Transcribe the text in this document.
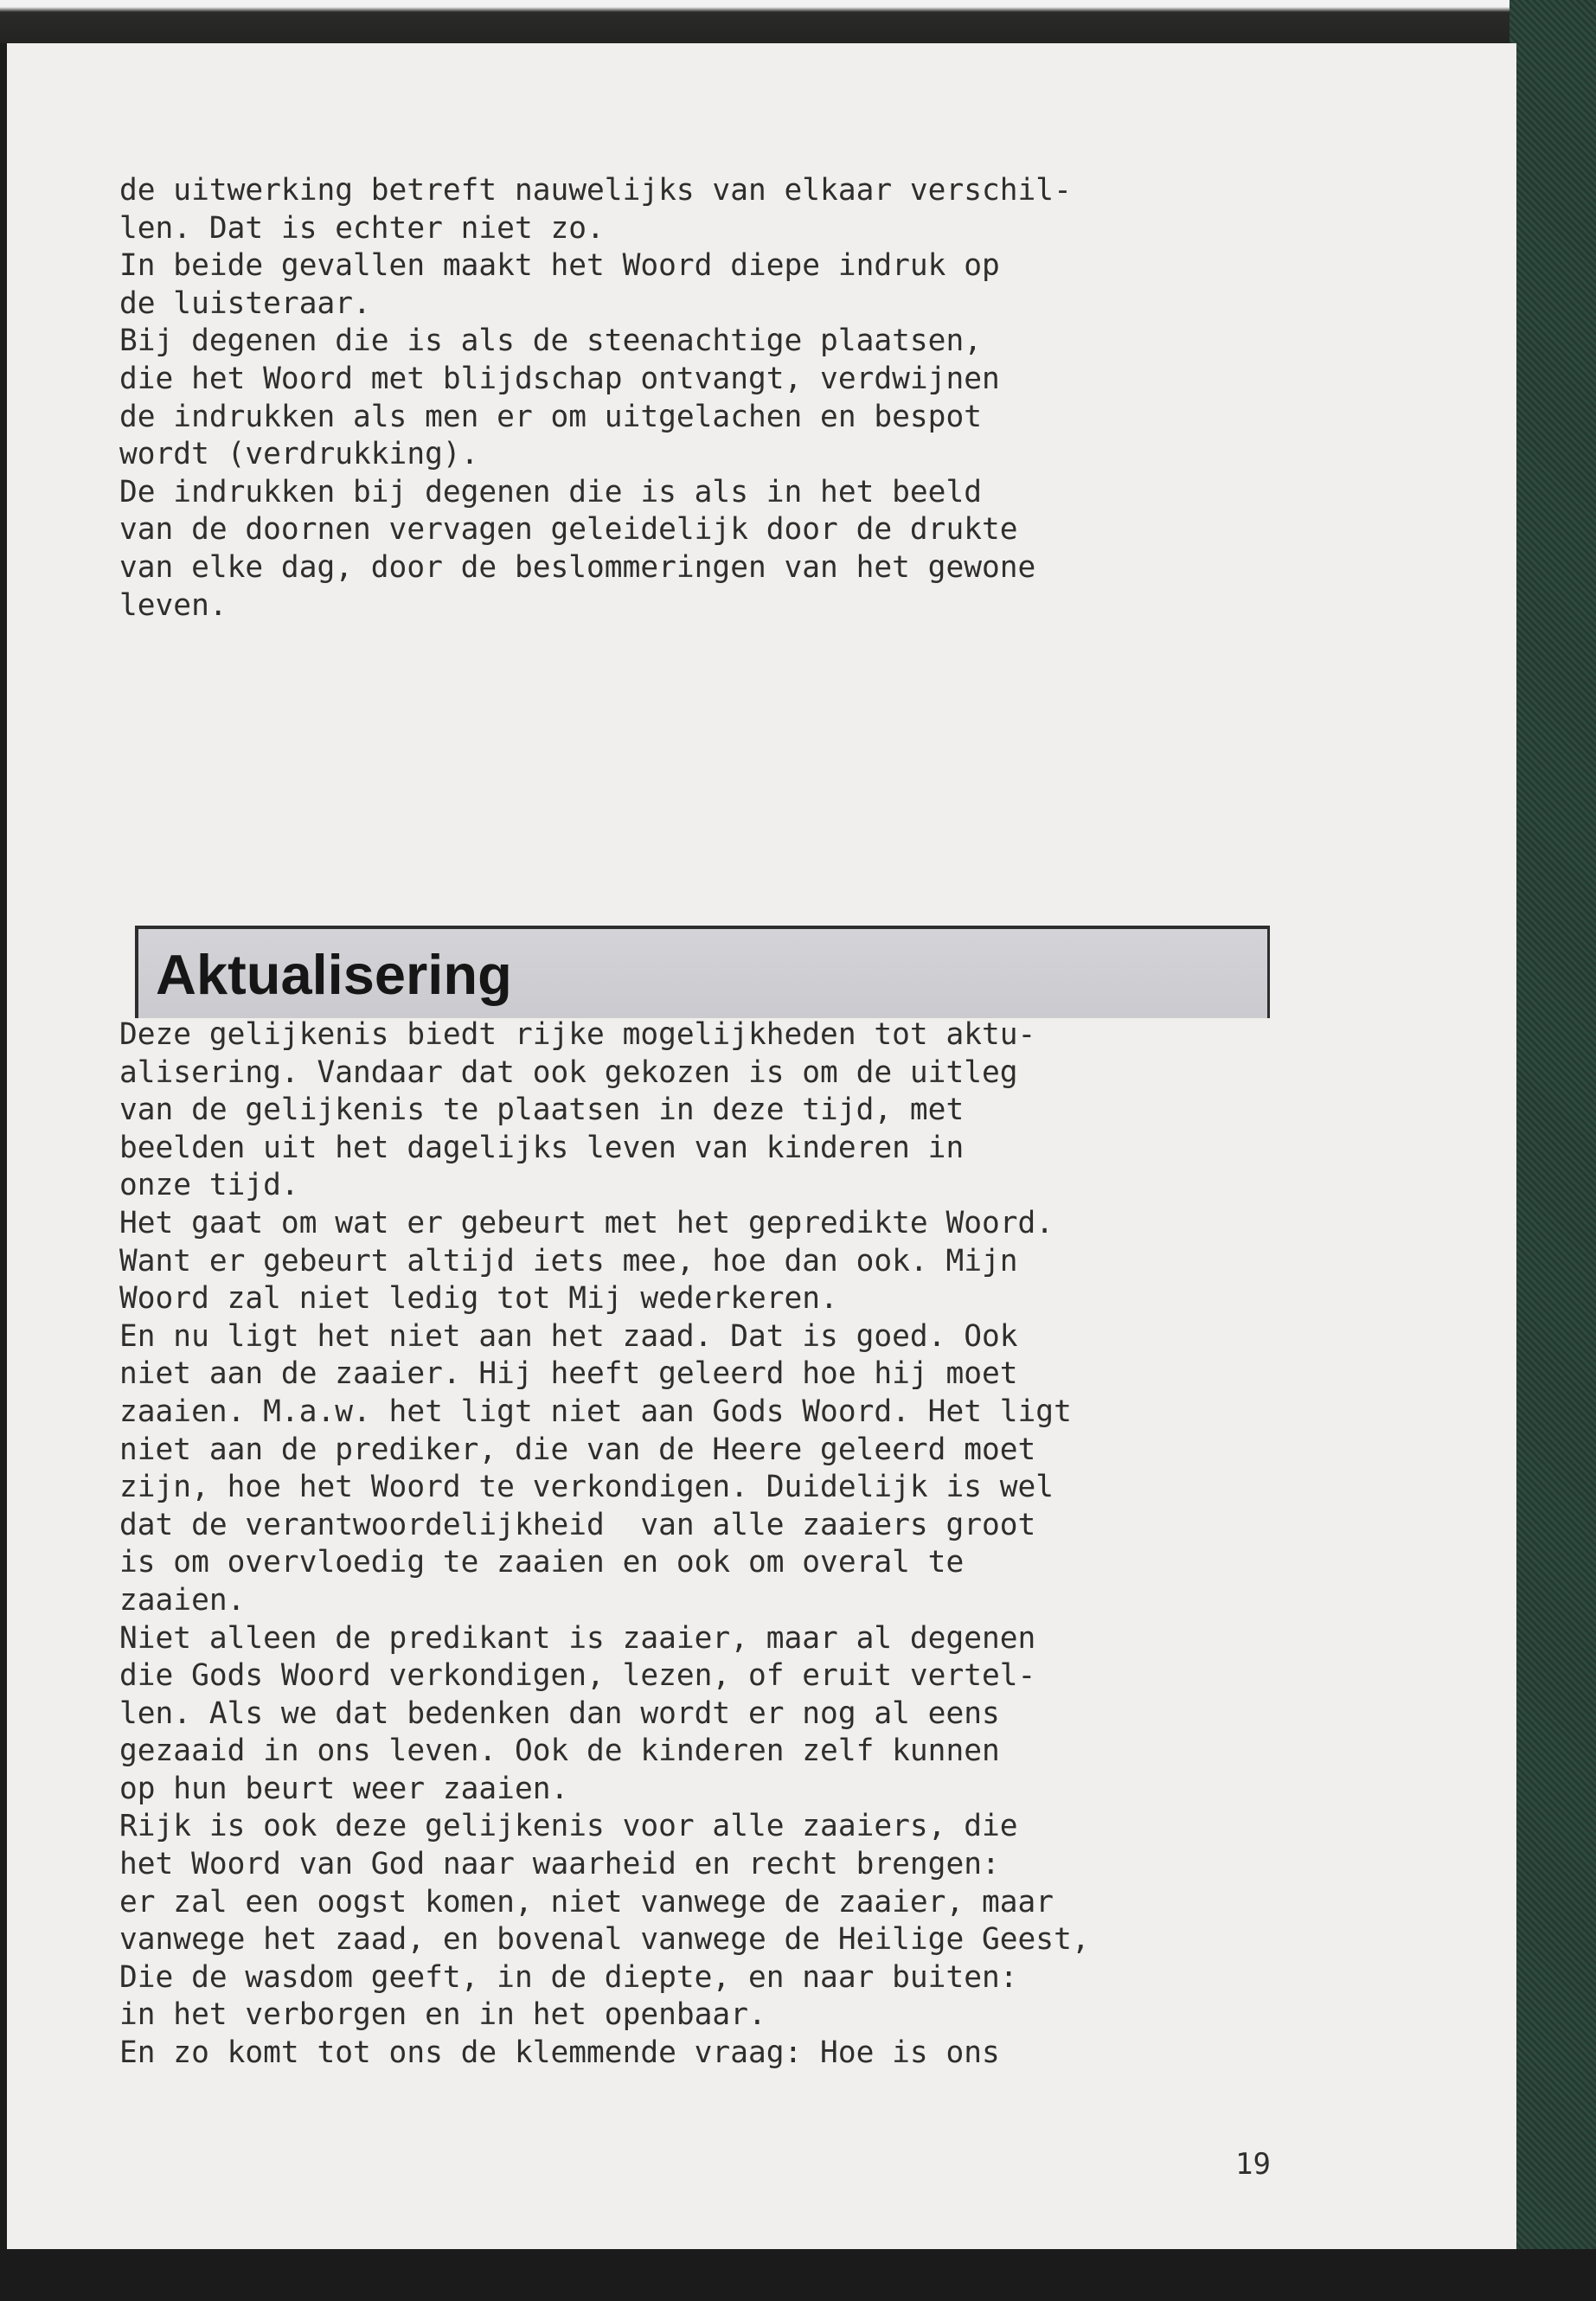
de uitwerking betreft nauwelijks van elkaar verschil-
len. Dat is echter niet zo.
In beide gevallen maakt het Woord diepe indruk op
de luisteraar.
Bij degenen die is als de steenachtige plaatsen,
die het Woord met blijdschap ontvangt, verdwijnen
de indrukken als men er om uitgelachen en bespot
wordt (verdrukking).
De indrukken bij degenen die is als in het beeld
van de doornen vervagen geleidelijk door de drukte
van elke dag, door de beslommeringen van het gewone
leven.
Aktualisering
Deze gelijkenis biedt rijke mogelijkheden tot aktu-
alisering. Vandaar dat ook gekozen is om de uitleg
van de gelijkenis te plaatsen in deze tijd, met
beelden uit het dagelijks leven van kinderen in
onze tijd.
Het gaat om wat er gebeurt met het gepredikte Woord.
Want er gebeurt altijd iets mee, hoe dan ook. Mijn
Woord zal niet ledig tot Mij wederkeren.
En nu ligt het niet aan het zaad. Dat is goed. Ook
niet aan de zaaier. Hij heeft geleerd hoe hij moet
zaaien. M.a.w. het ligt niet aan Gods Woord. Het ligt
niet aan de prediker, die van de Heere geleerd moet
zijn, hoe het Woord te verkondigen. Duidelijk is wel
dat de verantwoordelijkheid  van alle zaaiers groot
is om overvloedig te zaaien en ook om overal te
zaaien.
Niet alleen de predikant is zaaier, maar al degenen
die Gods Woord verkondigen, lezen, of eruit vertel-
len. Als we dat bedenken dan wordt er nog al eens
gezaaid in ons leven. Ook de kinderen zelf kunnen
op hun beurt weer zaaien.
Rijk is ook deze gelijkenis voor alle zaaiers, die
het Woord van God naar waarheid en recht brengen:
er zal een oogst komen, niet vanwege de zaaier, maar
vanwege het zaad, en bovenal vanwege de Heilige Geest,
Die de wasdom geeft, in de diepte, en naar buiten:
in het verborgen en in het openbaar.
En zo komt tot ons de klemmende vraag: Hoe is ons
19
